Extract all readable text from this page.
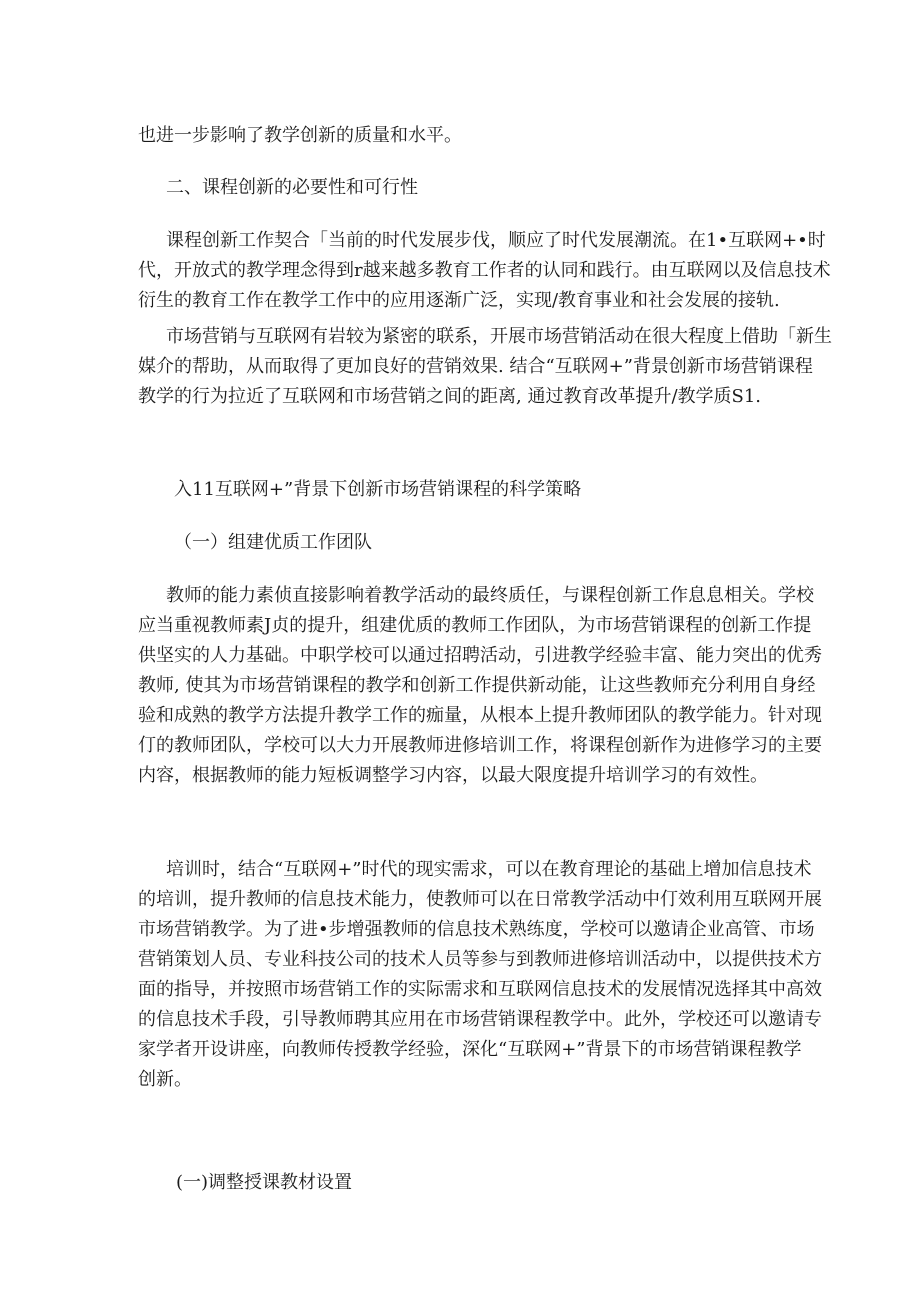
也进一步影响了教学创新的质量和水平。

二、课程创新的必要性和可行性

课程创新工作契合「当前的时代发展步伐，顺应了时代发展潮流。在1•互联网+•时
代，开放式的教学理念得到r越来越多教育工作者的认同和践行。由互联网以及信息技术
衍生的教育工作在教学工作中的应用逐渐广泛，实现/教育事业和社会发展的接轨.

市场营销与互联网有岩较为紧密的联系，开展市场营销活动在很大程度上借助「新生
媒介的帮助，从而取得了更加良好的营销效果. 结合“互联网+”背景创新市场营销课程
教学的行为拉近了互联网和市场营销之间的距离, 通过教育改革提升/教学质S1.

入11互联网+”背景下创新市场营销课程的科学策略

（一）组建优质工作团队

教师的能力素侦直接影响着教学活动的最终质任，与课程创新工作息息相关。学校
应当重视教师素J贞的提升，组建优质的教师工作团队，为市场营销课程的创新工作提
供坚实的人力基础。中职学校可以通过招聘活动，引进教学经验丰富、能力突出的优秀
教师, 使其为市场营销课程的教学和创新工作提供新动能，让这些教师充分利用自身经
验和成熟的教学方法提升教学工作的痂量，从根本上提升教师团队的教学能力。针对现
仃的教师团队，学校可以大力开展教师进修培训工作，将课程创新作为进修学习的主要
内容，根据教师的能力短板调整学习内容，以最大限度提升培训学习的有效性。

培训时，结合“互联网+”时代的现实需求，可以在教育理论的基础上增加信息技术
的培训，提升教师的信息技术能力，使教师可以在日常教学活动中仃效利用互联网开展
市场营销教学。为了进•步增强教师的信息技术熟练度，学校可以邀请企业高管、市场
营销策划人员、专业科技公司的技术人员等参与到教师进修培训活动中，以提供技术方
面的指导，并按照市场营销工作的实际需求和互联网信息技术的发展情况选择其中高效
的信息技术手段，引导教师聘其应用在市场营销课程教学中。此外，学校还可以邀请专
家学者开设讲座，向教师传授教学经验，深化“互联网+”背景下的市场营销课程教学
创新。

(一)调整授课教材设置
